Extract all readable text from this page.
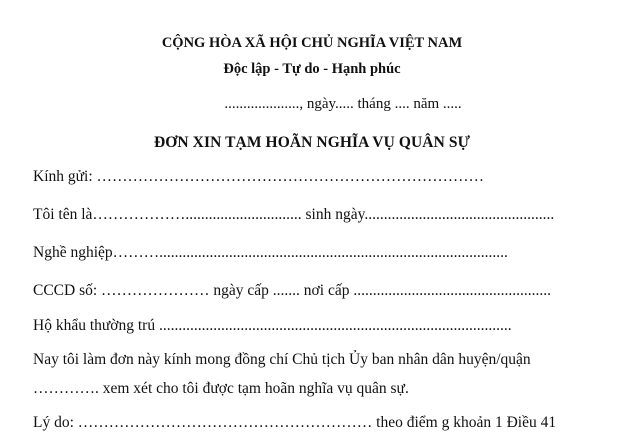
CỘNG HÒA XÃ HỘI CHỦ NGHĨA VIỆT NAM
Độc lập - Tự do - Hạnh phúc
...................., ngày..... tháng .... năm .....
ĐƠN XIN TẠM HOÃN NGHĨA VỤ QUÂN SỰ
Kính gửi: …………………………………………………………………
Tôi tên là……………….............................. sinh ngày.................................................
Nghề nghiệp………..........................................................................................
CCCD số: ………………… ngày cấp ....... nơi cấp ...................................................
Hộ khẩu thường trú ...........................................................................................
Nay tôi làm đơn này kính mong đồng chí Chủ tịch Ủy ban nhân dân huyện/quận
…………. xem xét cho tôi được tạm hoãn nghĩa vụ quân sự.
Lý do: ………………………………………………… theo điểm g khoản 1 Điều 41
